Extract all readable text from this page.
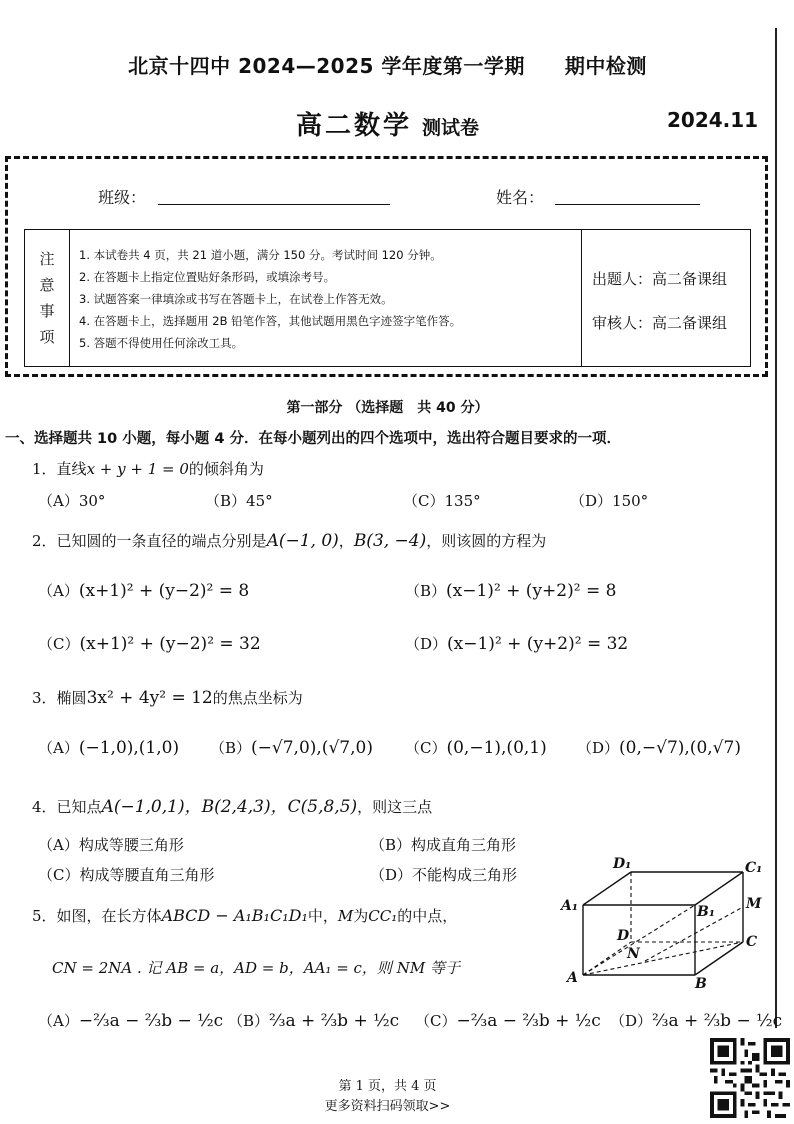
北京十四中 2024—2025 学年度第一学期 期中检测
高二数学 测试卷	2024.11
班级：	姓名：
注
意
事
项
1. 本试卷共 4 页，共 21 道小题，满分 150 分。考试时间 120 分钟。
2. 在答题卡上指定位置贴好条形码，或填涂考号。
3. 试题答案一律填涂或书写在答题卡上，在试卷上作答无效。
4. 在答题卡上，选择题用 2B 铅笔作答，其他试题用黑色字迹签字笔作答。
5. 答题不得使用任何涂改工具。
出题人：高二备课组
审核人：高二备课组
第一部分 （选择题　共 40 分）
一、选择题共 10 小题，每小题 4 分．在每小题列出的四个选项中，选出符合题目要求的一项．
1．直线x + y + 1 = 0的倾斜角为
（A）30°	（B）45°	（C）135°	（D）150°
2．已知圆的一条直径的端点分别是A(−1, 0)，B(3, −4)，则该圆的方程为
（A）(x+1)² + (y−2)² = 8	（B）(x−1)² + (y+2)² = 8
（C）(x+1)² + (y−2)² = 32	（D）(x−1)² + (y+2)² = 32
3．椭圆3x² + 4y² = 12的焦点坐标为
（A）(−1,0),(1,0) （B）(−√7,0),(√7,0) （C）(0,−1),(0,1) （D）(0,−√7),(0,√7)
4．已知点A(−1,0,1)，B(2,4,3)，C(5,8,5)，则这三点
（A）构成等腰三角形	（B）构成直角三角形
（C）构成等腰直角三角形	（D）不能构成三角形
5．如图，在长方体ABCD − A₁B₁C₁D₁中，M为CC₁的中点，
CN = 2NA . 记 AB = a，AD = b，AA₁ = c，则 NM 等于
（A）−⅔a − ⅔b − ½c （B）⅔a + ⅔b + ½c （C）−⅔a − ⅔b + ½c （D）⅔a + ⅔b − ½c
D₁	C₁
A₁	B₁ M
D	C
N
A	B
第 1 页，共 4 页
更多资料扫码领取>>
